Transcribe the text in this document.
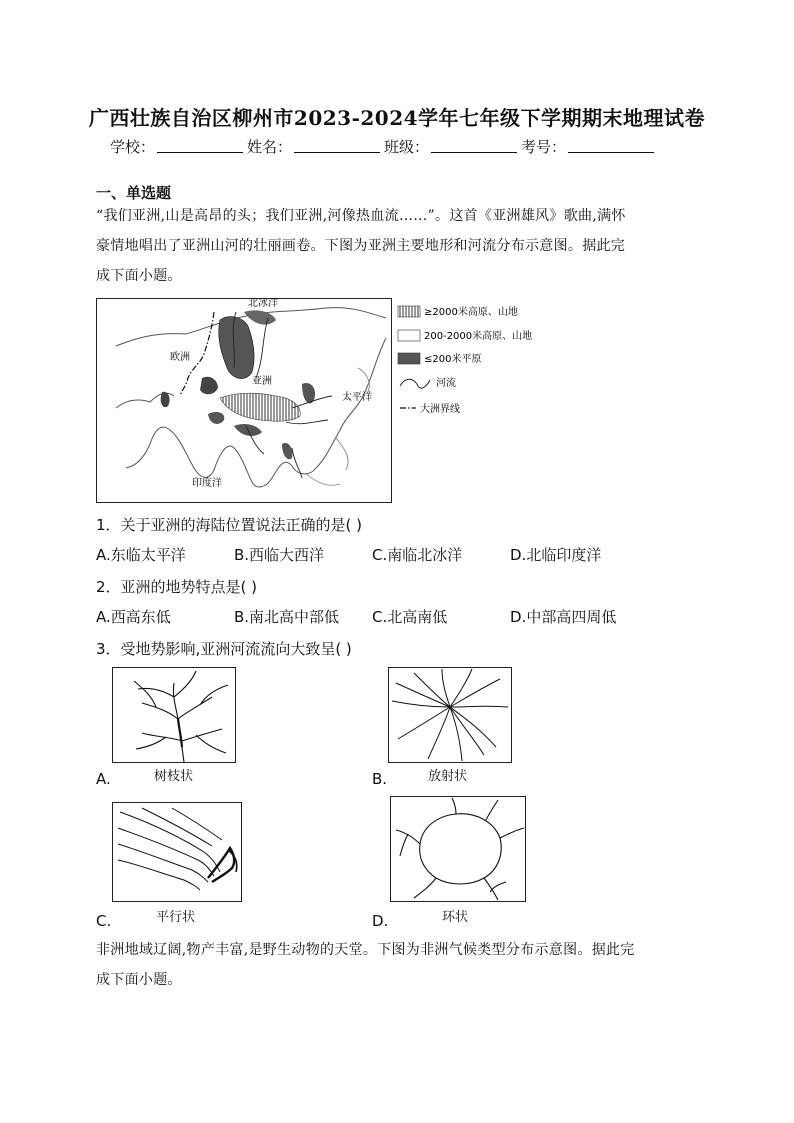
广西壮族自治区柳州市2023-2024学年七年级下学期期末地理试卷
学校：	姓名：	班级：	考号：
一、单选题
“我们亚洲,山是高昂的头；我们亚洲,河像热血流……”。这首《亚洲雄风》歌曲,满怀
豪情地唱出了亚洲山河的壮丽画卷。下图为亚洲主要地形和河流分布示意图。据此完
成下面小题。
北冰洋
欧洲
亚洲
太平洋
印度洋
≥2000米高原、山地
200-2000米高原、山地
≤200米平原
河流
大洲界线
1．关于亚洲的海陆位置说法正确的是( )
A.东临太平洋	B.西临大西洋	C.南临北冰洋	D.北临印度洋
2．亚洲的地势特点是( )
A.西高东低	B.南北高中部低 C.北高南低	D.中部高四周低
3．受地势影响,亚洲河流流向大致呈( )
A.	树枝状	B.	放射状
C.	平行状	D.	环状
非洲地域辽阔,物产丰富,是野生动物的天堂。下图为非洲气候类型分布示意图。据此完
成下面小题。
